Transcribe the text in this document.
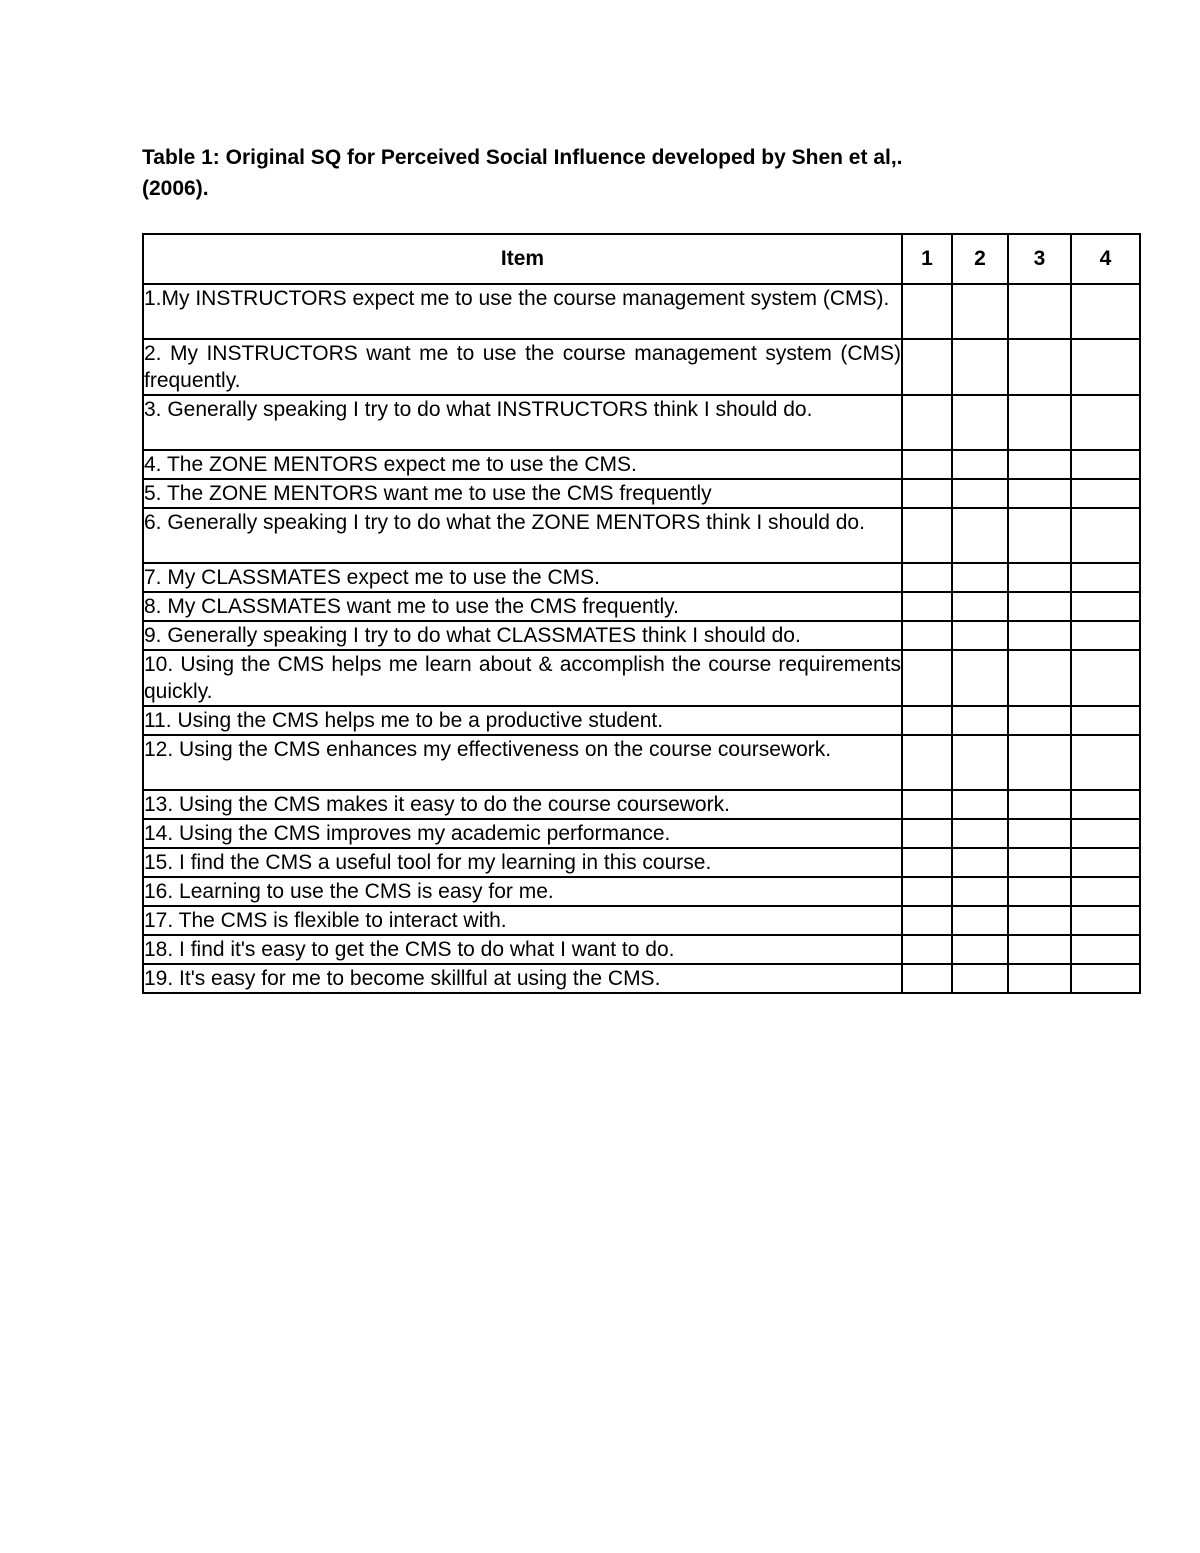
Table 1: Original SQ for Perceived Social Influence developed by Shen et al,.
(2006).

Item	1	2	3	4
1.My INSTRUCTORS expect me to use the course management system (CMS).				
2. My INSTRUCTORS want me to use the course management system (CMS) frequently.				
3. Generally speaking I try to do what INSTRUCTORS think I should do.				
4. The ZONE MENTORS expect me to use the CMS.				
5. The ZONE MENTORS want me to use the CMS frequently				
6. Generally speaking I try to do what the ZONE MENTORS think I should do.				
7. My CLASSMATES expect me to use the CMS.				
8. My CLASSMATES want me to use the CMS frequently.				
9. Generally speaking I try to do what CLASSMATES think I should do.				
10. Using the CMS helps me learn about & accomplish the course requirements quickly.				
11. Using the CMS helps me to be a productive student.				
12. Using the CMS enhances my effectiveness on the course coursework.				
13. Using the CMS makes it easy to do the course coursework.				
14. Using the CMS improves my academic performance.				
15. I find the CMS a useful tool for my learning in this course.				
16. Learning to use the CMS is easy for me.				
17. The CMS is flexible to interact with.				
18. I find it's easy to get the CMS to do what I want to do.				
19. It's easy for me to become skillful at using the CMS.				
